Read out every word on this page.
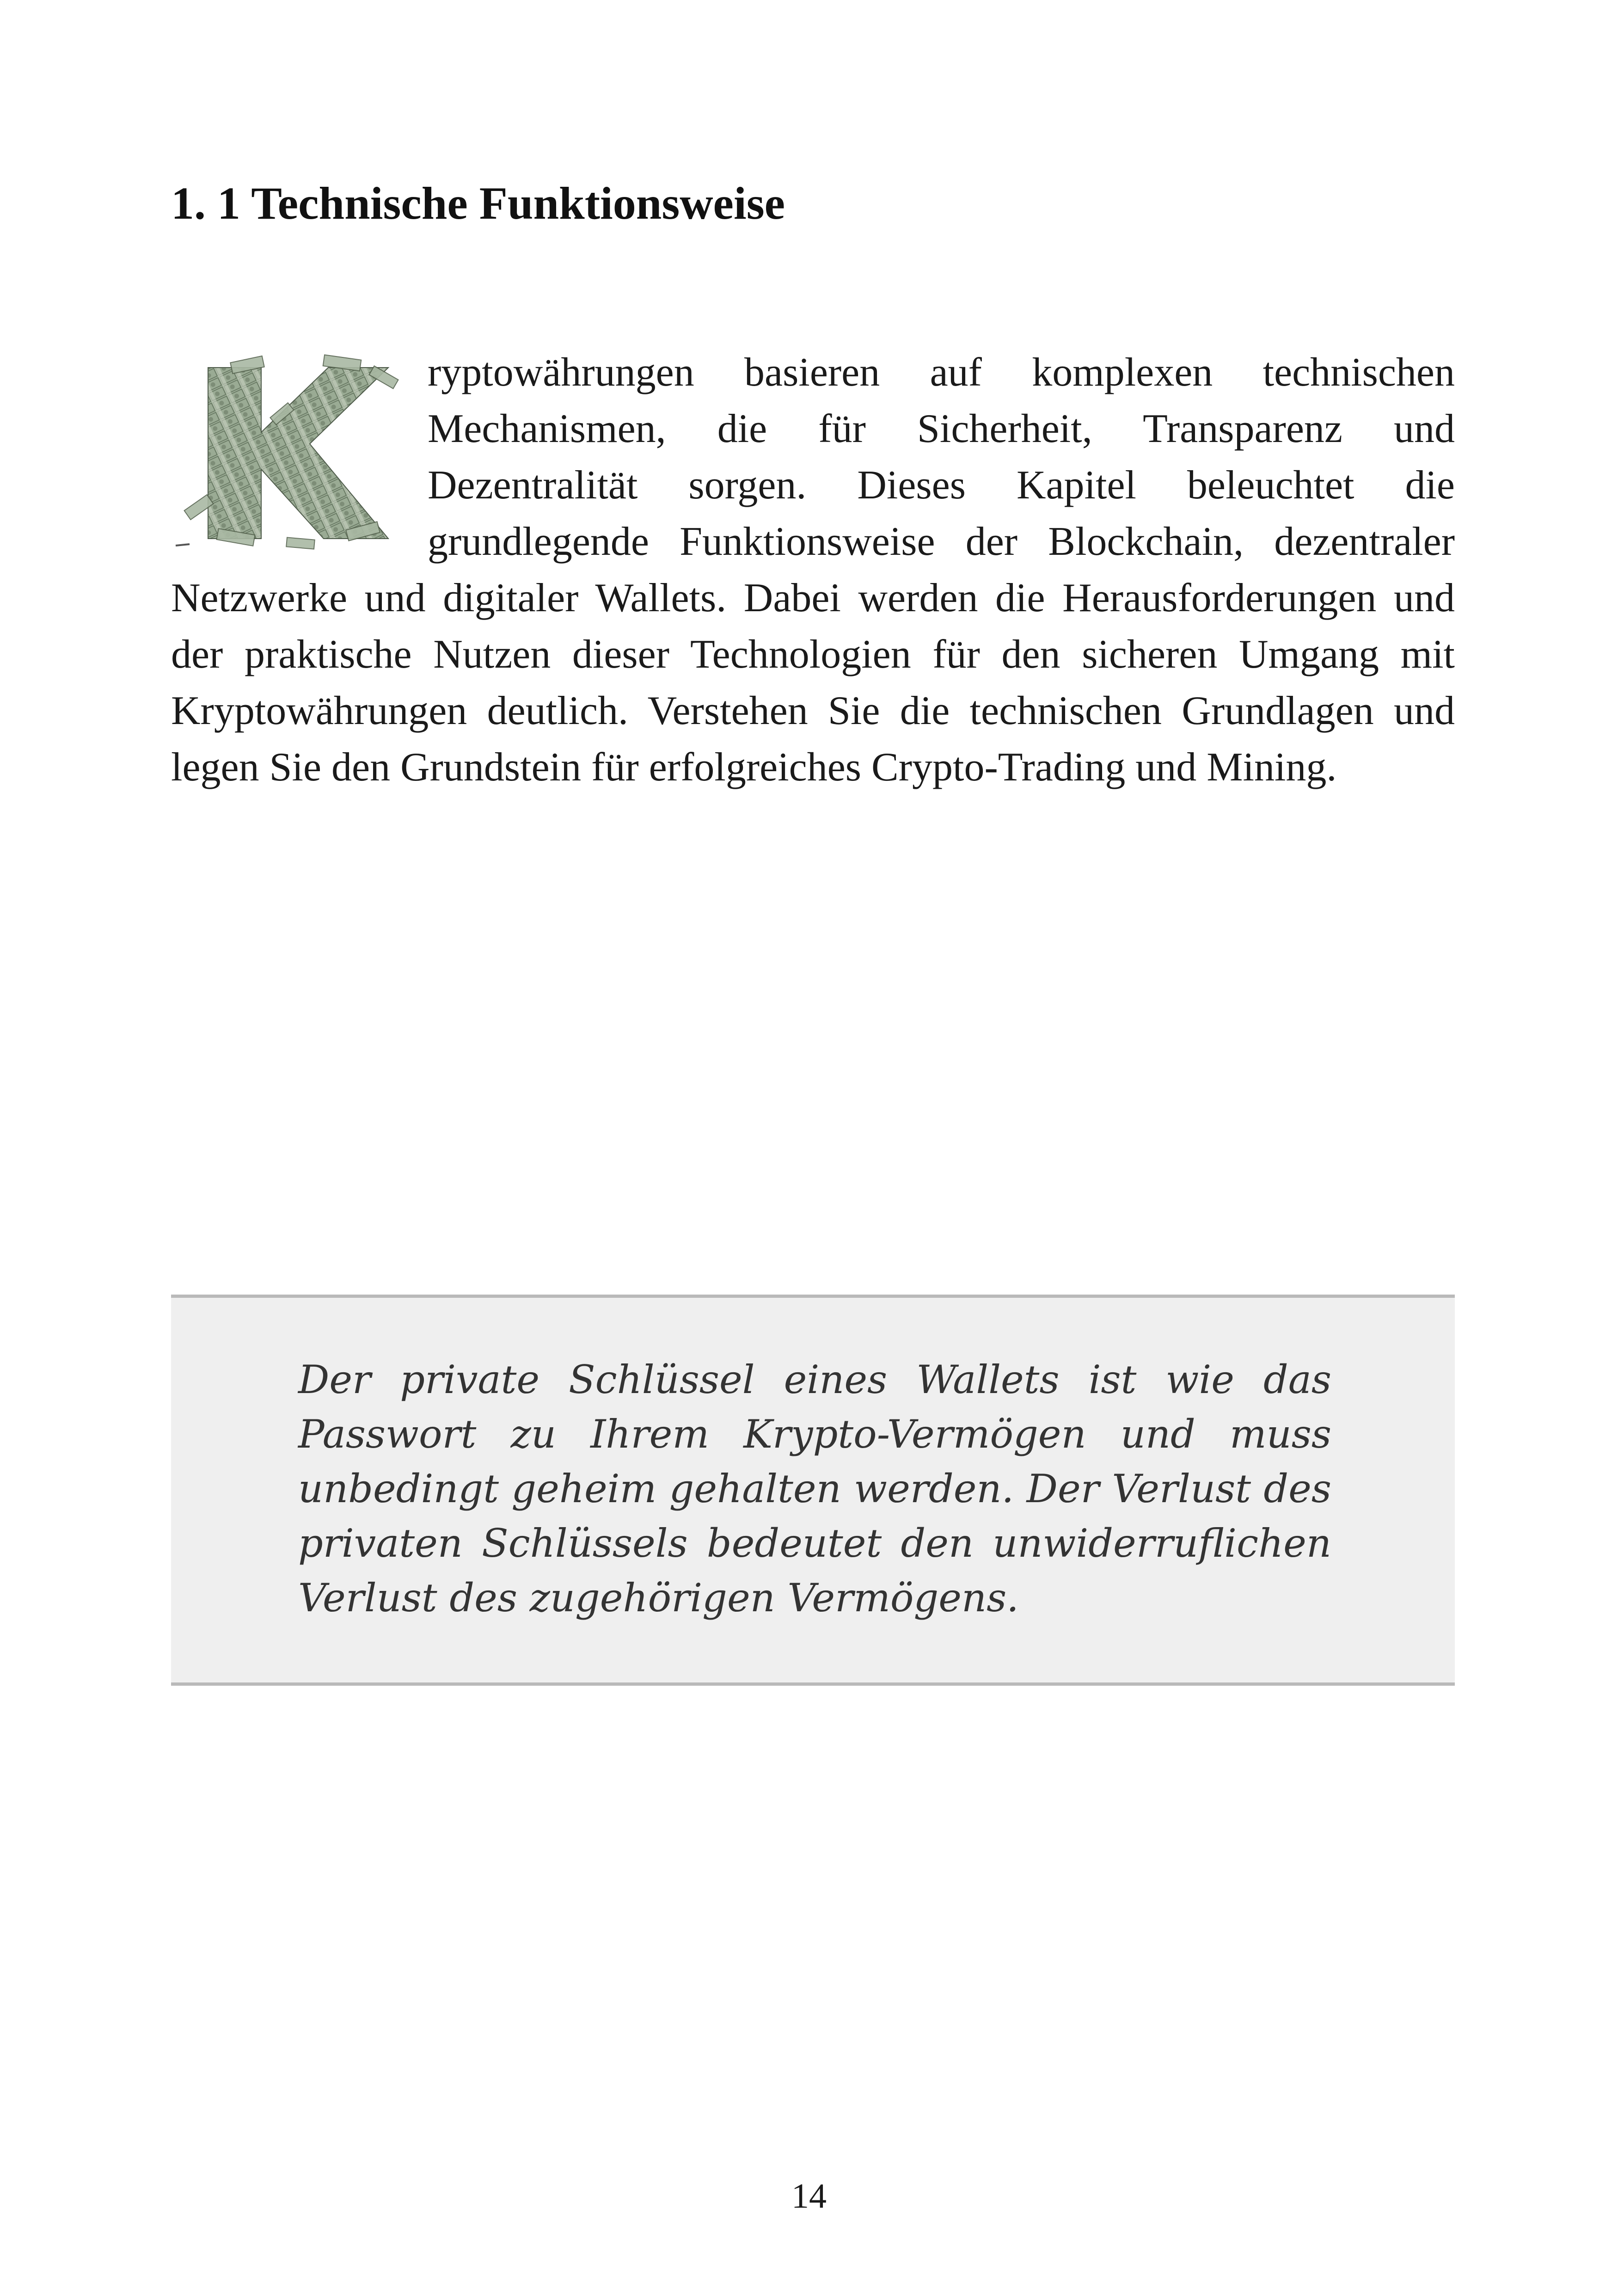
1. 1 Technische Funktionsweise
ryptowährungen basieren auf komplexen technischen Mechanismen, die für Sicherheit, Transparenz und Dezentralität sorgen. Dieses Kapitel beleuchtet die grundlegende Funktionsweise der Blockchain, dezentraler Netzwerke und digitaler Wallets. Dabei werden die Herausforderungen und der praktische Nutzen dieser Technologien für den sicheren Umgang mit Kryptowährungen deutlich. Verstehen Sie die technischen Grundlagen und legen Sie den Grundstein für erfolgreiches Crypto-Trading und Mining.

Der private Schlüssel eines Wallets ist wie das Passwort zu Ihrem Krypto-Vermögen und muss unbedingt geheim gehalten werden. Der Verlust des privaten Schlüssels bedeutet den unwiderruflichen Verlust des zugehörigen Vermögens.

14
